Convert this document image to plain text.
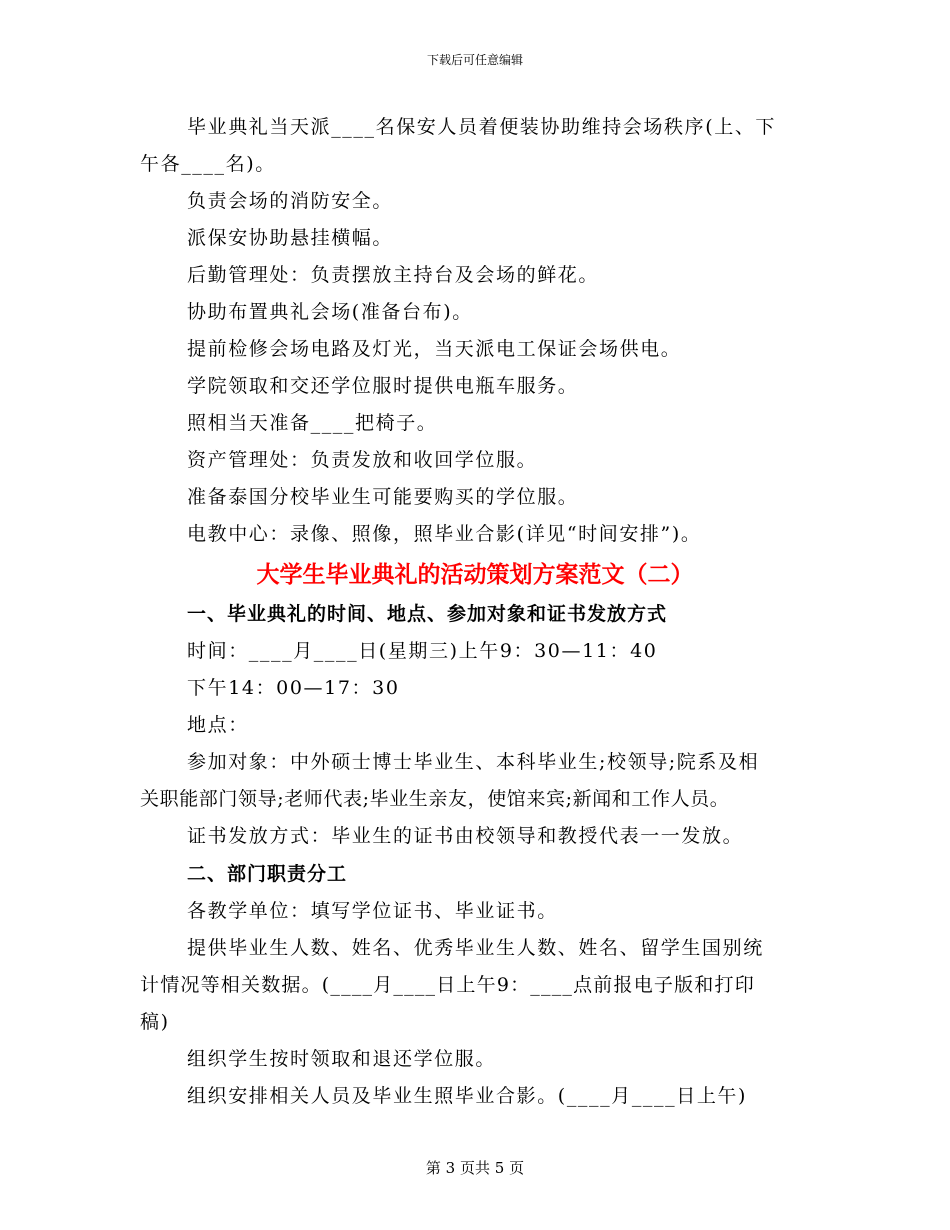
下载后可任意编辑
毕业典礼当天派____名保安人员着便装协助维持会场秩序(上、下
午各____名)。
负责会场的消防安全。
派保安协助悬挂横幅。
后勤管理处：负责摆放主持台及会场的鲜花。
协助布置典礼会场(准备台布)。
提前检修会场电路及灯光，当天派电工保证会场供电。
学院领取和交还学位服时提供电瓶车服务。
照相当天准备____把椅子。
资产管理处：负责发放和收回学位服。
准备泰国分校毕业生可能要购买的学位服。
电教中心：录像、照像，照毕业合影(详见“时间安排”)。
大学生毕业典礼的活动策划方案范文（二）
一、毕业典礼的时间、地点、参加对象和证书发放方式
时间：____月____日(星期三)上午9：30—11：40
下午14：00—17：30
地点：
参加对象：中外硕士博士毕业生、本科毕业生;校领导;院系及相
关职能部门领导;老师代表;毕业生亲友，使馆来宾;新闻和工作人员。
证书发放方式：毕业生的证书由校领导和教授代表一一发放。
二、部门职责分工
各教学单位：填写学位证书、毕业证书。
提供毕业生人数、姓名、优秀毕业生人数、姓名、留学生国别统
计情况等相关数据。(____月____日上午9：____点前报电子版和打印
稿)
组织学生按时领取和退还学位服。
组织安排相关人员及毕业生照毕业合影。(____月____日上午)
第 3 页共 5 页
